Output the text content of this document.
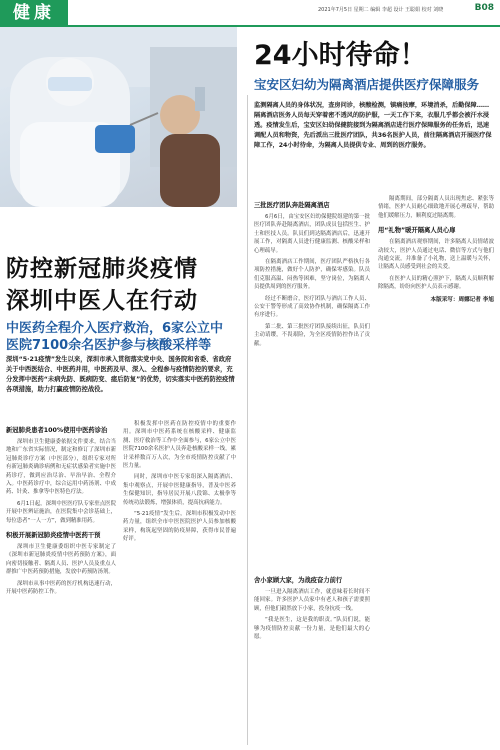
健康	2021年7月5日 星期二 编辑 李超 设计 王聪娟 校对 刘晓	B08
防控新冠肺炎疫情
深圳中医人在行动
中医药全程介入医疗救治，6家公立中
医院7100余名医护参与核酸采样等
深圳“5·21疫情”发生以来，深圳市承入贯彻落实党中央、国务院和省委、省政府关于中西医结合、中医药并用，中医药及早、深入、全程参与疫情防控的要求，充分发挥中医药“未病先防、既病防变、瘥后防复”的优势，切实落实中医药防控疫情各项措施，助力打赢疫情防控战役。
新冠肺炎患者100%使用中医药诊治

深圳市卫生健康委依据文件要求，结合当地和广东省实际情况，制定和修订了深圳市新冠肺炎诊疗方案（中医部分），组织专家对所有新冠肺炎确诊病例和无症状感染者实施中医药诊疗，做到应治尽治、早治早治、全程介入。中医药诊疗中，综合运用中药汤剂、中成药、针灸、推拿等中医特色疗法。

6月1日起，深圳中医医疗队专家驻点医院开展中医辨证施治，在医院集中会诊基础上，每位患者“一人一方”，做到精准用药。

积极开展新冠肺炎疫情中医药干预

深圳市卫生健康委组织中医专家制定了《深圳市新冠肺炎疫情中医药预防方案》，面向密切接触者、隔离人员、医护人员及重点人群推广中医药预防措施，发放中药预防汤剂。

深圳市从事中医药的医疗机构迅速行动，开展中医药防控工作。

积极发挥中医药在防控疫情中的重要作用。深圳市中医药系统在核酸采样、健康监测、医疗救治等工作中全面参与，6家公立中医医院7100余名医护人员奔赴核酸采样一线，累计采样数百万人次，为全市疫情防控贡献了中医力量。

同时，深圳市中医专家组深入隔离酒店、集中观察点，开展中医健康指导，普及中医养生保健知识，指导居民开展八段锦、太极拳等传统功法锻炼，增强体质，提高抗病能力。

“5·21疫情”发生后，深圳市积极发动中医药力量，组织全市中医医院医护人员参加核酸采样，构筑起坚固的防疫屏障，获得市民普遍好评。

24小时待命！
宝安区妇幼为隔离酒店提供医疗保障服务
监测隔离人员的身体状况，查房问诊，核酸检测，镇痛按摩，环境消杀，后勤保障……隔离酒店医务人员每天穿着密不透风的防护服，一天工作下来，衣服几乎都会被汗水浸透。疫情发生后，宝安区妇幼保健院接到为隔离酒店进行医疗保障服务的任务后，迅速调配人员和物资，先后派出三批医疗团队，共36名医护人员，前往隔离酒店开展医疗保障工作，24小时待命，为隔离人员提供专业、周到的医疗服务。
三批医疗团队奔赴隔离酒店

6月6日，由宝安区妇幼保健院组建的第一批医疗团队奔赴隔离酒店，团队成员包括医生、护士和医技人员。队员们到达隔离酒店后，迅速开展工作，对隔离人员进行健康监测、核酸采样和心理疏导。

在隔离酒店工作期间，医疗团队严格执行各项防控措施，做好个人防护，确保零感染。队员们克服高温、闷热等困难，坚守岗位，为隔离人员提供周到的医疗服务。

经过不断磨合，医疗团队与酒店工作人员、公安干警等形成了高效协作机制，确保隔离工作有序进行。

第二批、第三批医疗团队接续出征，队员们主动请缨，不畏艰险，为全区疫情防控作出了贡献。

舍小家顾大家，为战疫奋力前行

一旦进入隔离酒店工作，就意味着长时间不能回家。许多医护人员家中有老人和孩子需要照顾，但他们毅然放下小家，投身抗疫一线。

“我是医生，这是我的职责。”队员们说，能够为疫情防控贡献一份力量，是他们最大的心愿。

隔离期间，部分隔离人员出现焦虑、紧张等情绪，医护人员耐心细致地开展心理疏导，帮助他们缓解压力，顺利度过隔离期。

用“礼物”暖开隔离人员心扉

在隔离酒店观察期间，许多隔离人员情绪波动较大，医护人员通过电话、微信等方式与他们沟通交流，并准备了小礼物，送上温暖与关怀，让隔离人员感受到社会的关爱。

在医护人员的精心照护下，隔离人员顺利解除隔离，纷纷向医护人员表示感谢。

本版采写：周娜记者 李旭
